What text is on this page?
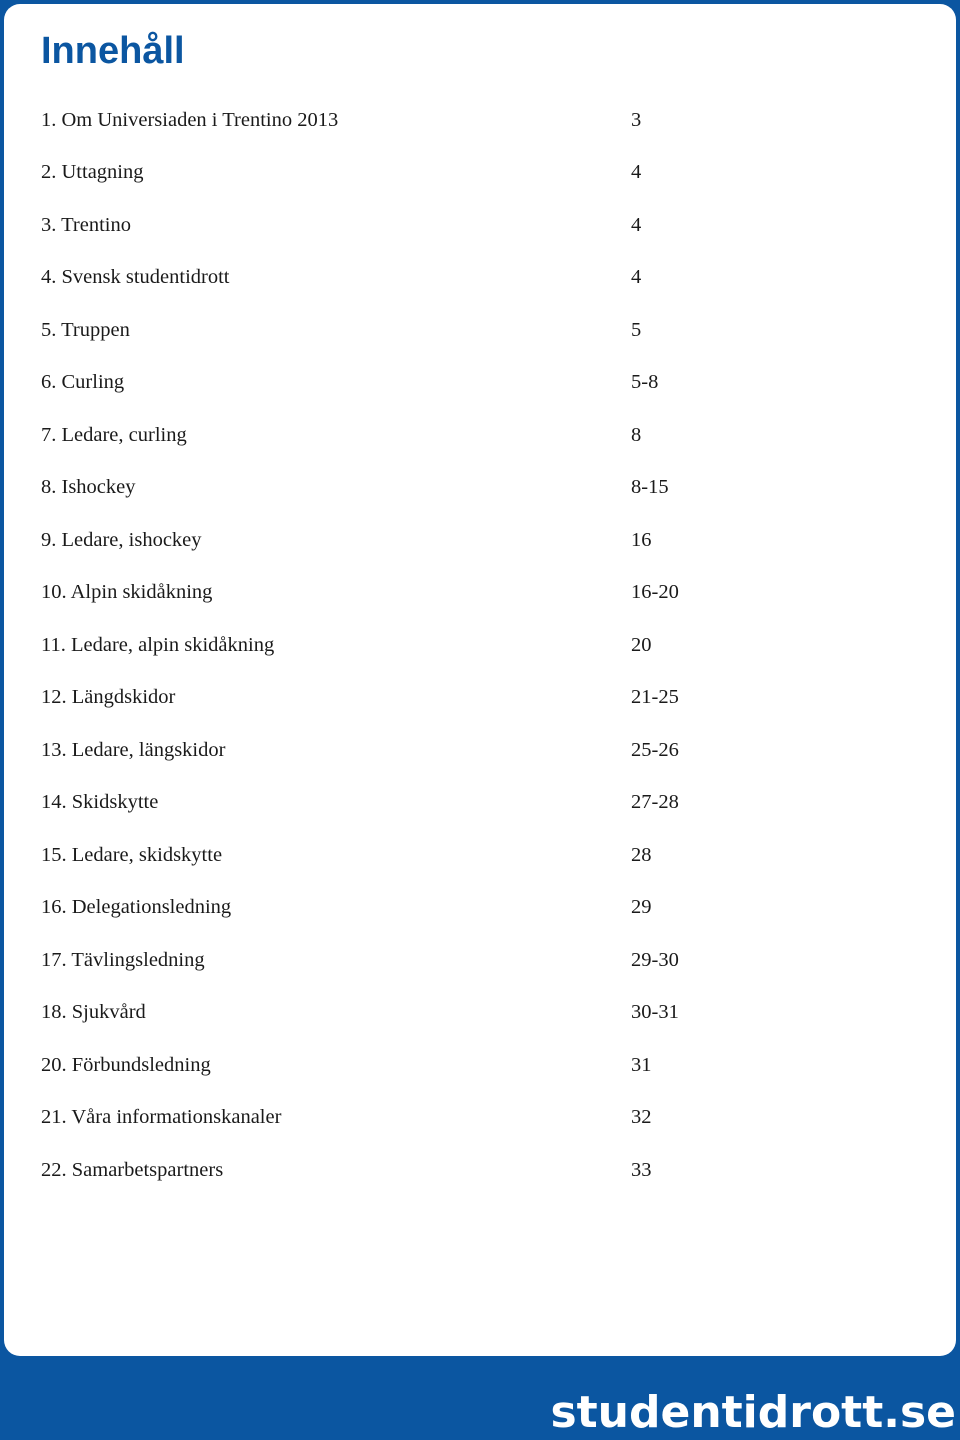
Innehåll
1. Om Universiaden i Trentino 2013	3
2. Uttagning	4
3. Trentino	4
4. Svensk studentidrott	4
5. Truppen	5
6. Curling	5-8
7. Ledare, curling	8
8. Ishockey	8-15
9. Ledare, ishockey	16
10. Alpin skidåkning	16-20
11. Ledare, alpin skidåkning	20
12. Längdskidor	21-25
13. Ledare, längskidor	25-26
14. Skidskytte	27-28
15. Ledare, skidskytte	28
16. Delegationsledning	29
17. Tävlingsledning	29-30
18. Sjukvård	30-31
20. Förbundsledning	31
21. Våra informationskanaler	32
22. Samarbetspartners	33
studentidrott.se
